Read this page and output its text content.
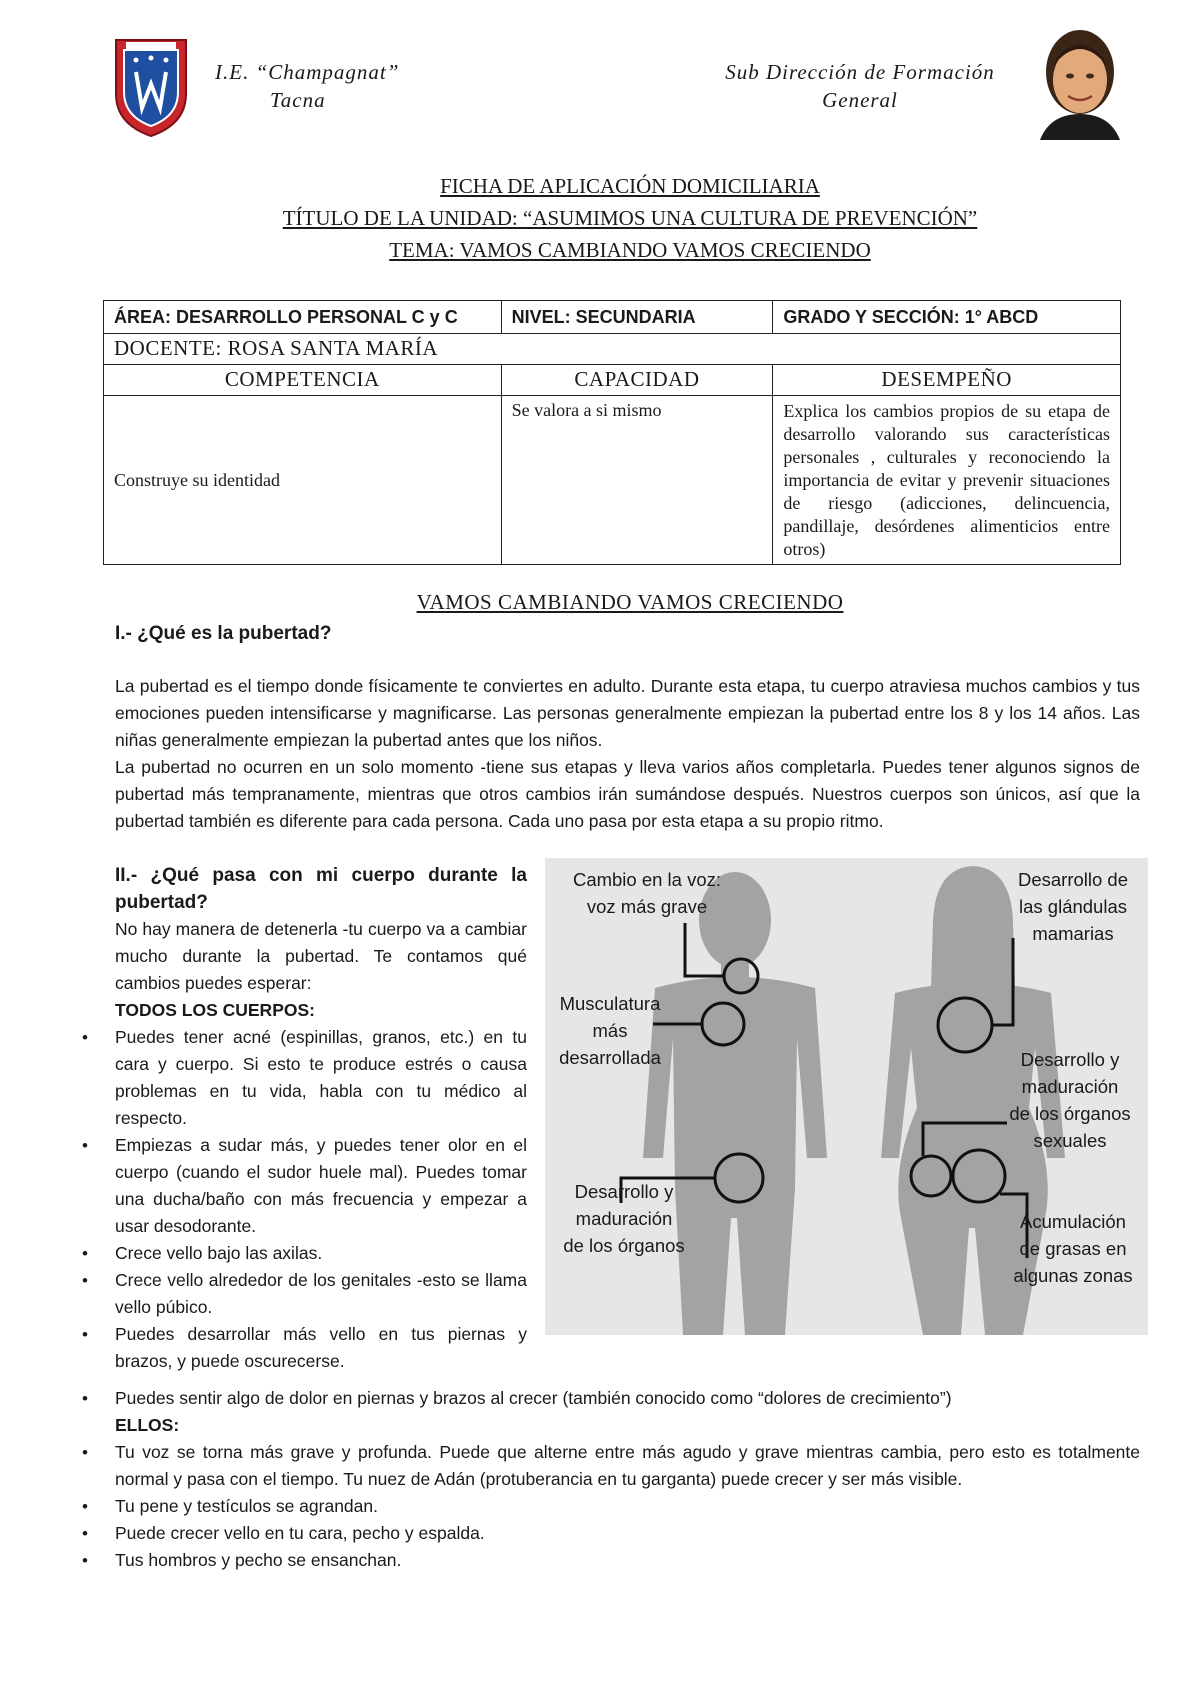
I.E. “Champagnat”
Tacna
Sub Dirección de Formación
General
FICHA DE APLICACIÓN DOMICILIARIA
TÍTULO DE LA UNIDAD: “ASUMIMOS UNA CULTURA DE PREVENCIÓN”
TEMA: VAMOS CAMBIANDO VAMOS CRECIENDO
ÁREA: DESARROLLO PERSONAL C y C	NIVEL: SECUNDARIA	GRADO Y SECCIÓN: 1° ABCD
DOCENTE: ROSA SANTA MARÍA		
COMPETENCIA	CAPACIDAD	DESEMPEÑO
Construye su identidad	Se valora a si mismo	Explica los cambios propios de su etapa de desarrollo valorando sus características personales , culturales y reconociendo la importancia de evitar y prevenir situaciones de riesgo (adicciones, delincuencia, pandillaje, desórdenes alimenticios entre otros)
VAMOS CAMBIANDO VAMOS CRECIENDO
I.- ¿Qué es la pubertad?

La pubertad es el tiempo donde físicamente te conviertes en adulto. Durante esta etapa, tu cuerpo atraviesa muchos cambios y tus emociones pueden intensificarse y magnificarse. Las personas generalmente empiezan la pubertad entre los 8 y los 14 años. Las niñas generalmente empiezan la pubertad antes que los niños.

La pubertad no ocurren en un solo momento -tiene sus etapas y lleva varios años completarla. Puedes tener algunos signos de pubertad más tempranamente, mientras que otros cambios irán sumándose después. Nuestros cuerpos son únicos, así que la pubertad también es diferente para cada persona. Cada uno pasa por esta etapa a su propio ritmo.

II.- ¿Qué pasa con mi cuerpo durante la pubertad?
No hay manera de detenerla -tu cuerpo va a cambiar mucho durante la pubertad. Te contamos qué cambios puedes esperar:
TODOS LOS CUERPOS:
• Puedes tener acné (espinillas, granos, etc.) en tu cara y cuerpo. Si esto te produce estrés o causa problemas en tu vida, habla con tu médico al respecto.
• Empiezas a sudar más, y puedes tener olor en el cuerpo (cuando el sudor huele mal). Puedes tomar una ducha/baño con más frecuencia y empezar a usar desodorante.
• Crece vello bajo las axilas.
• Crece vello alrededor de los genitales -esto se llama vello púbico.
• Puedes desarrollar más vello en tus piernas y brazos, y puede oscurecerse.
• Puedes sentir algo de dolor en piernas y brazos al crecer (también conocido como “dolores de crecimiento”)
ELLOS:
• Tu voz se torna más grave y profunda. Puede que alterne entre más agudo y grave mientras cambia, pero esto es totalmente normal y pasa con el tiempo. Tu nuez de Adán (protuberancia en tu garganta) puede crecer y ser más visible.
• Tu pene y testículos se agrandan.
• Puede crecer vello en tu cara, pecho y espalda.
• Tus hombros y pecho se ensanchan.
Cambio en la voz:
voz más grave
Musculatura
más
desarrollada
Desarrollo y
maduración
de los órganos
Desarrollo de
las glándulas
mamarias
Desarrollo y
maduración
de los órganos
sexuales
Acumulación
de grasas en
algunas zonas
